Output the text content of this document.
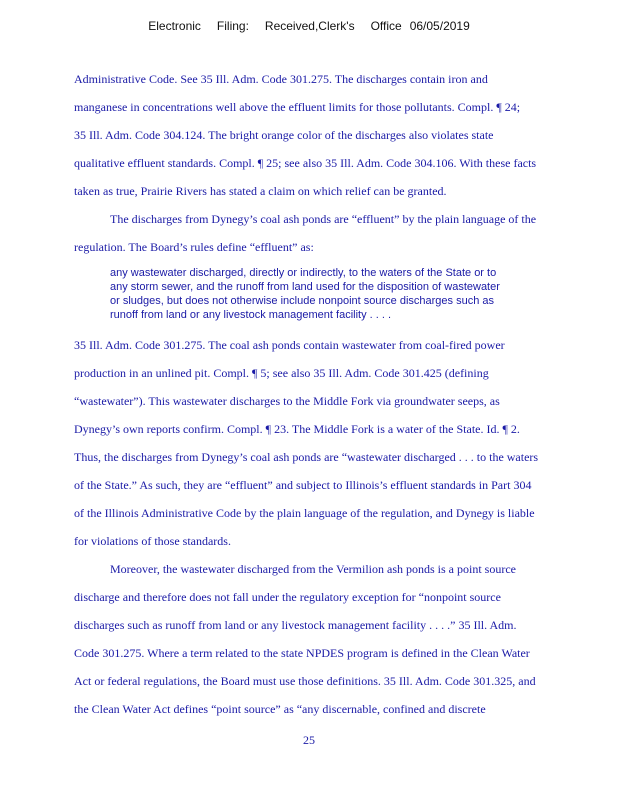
Electronic Filing: Received,Clerk's Office 06/05/2019
Administrative Code. See 35 Ill. Adm. Code 301.275. The discharges contain iron and
manganese in concentrations well above the effluent limits for those pollutants. Compl. ¶ 24;
35 Ill. Adm. Code 304.124. The bright orange color of the discharges also violates state
qualitative effluent standards. Compl. ¶ 25; see also 35 Ill. Adm. Code 304.106. With these facts
taken as true, Prairie Rivers has stated a claim on which relief can be granted.
The discharges from Dynegy’s coal ash ponds are “effluent” by the plain language of the
regulation. The Board’s rules define “effluent” as:
any wastewater discharged, directly or indirectly, to the waters of the State or to
any storm sewer, and the runoff from land used for the disposition of wastewater
or sludges, but does not otherwise include nonpoint source discharges such as
runoff from land or any livestock management facility . . . .
35 Ill. Adm. Code 301.275. The coal ash ponds contain wastewater from coal-fired power
production in an unlined pit. Compl. ¶ 5; see also 35 Ill. Adm. Code 301.425 (defining
“wastewater”). This wastewater discharges to the Middle Fork via groundwater seeps, as
Dynegy’s own reports confirm. Compl. ¶ 23. The Middle Fork is a water of the State. Id. ¶ 2.
Thus, the discharges from Dynegy’s coal ash ponds are “wastewater discharged . . . to the waters
of the State.” As such, they are “effluent” and subject to Illinois’s effluent standards in Part 304
of the Illinois Administrative Code by the plain language of the regulation, and Dynegy is liable
for violations of those standards.
Moreover, the wastewater discharged from the Vermilion ash ponds is a point source
discharge and therefore does not fall under the regulatory exception for “nonpoint source
discharges such as runoff from land or any livestock management facility . . . .” 35 Ill. Adm.
Code 301.275. Where a term related to the state NPDES program is defined in the Clean Water
Act or federal regulations, the Board must use those definitions. 35 Ill. Adm. Code 301.325, and
the Clean Water Act defines “point source” as “any discernable, confined and discrete
25
